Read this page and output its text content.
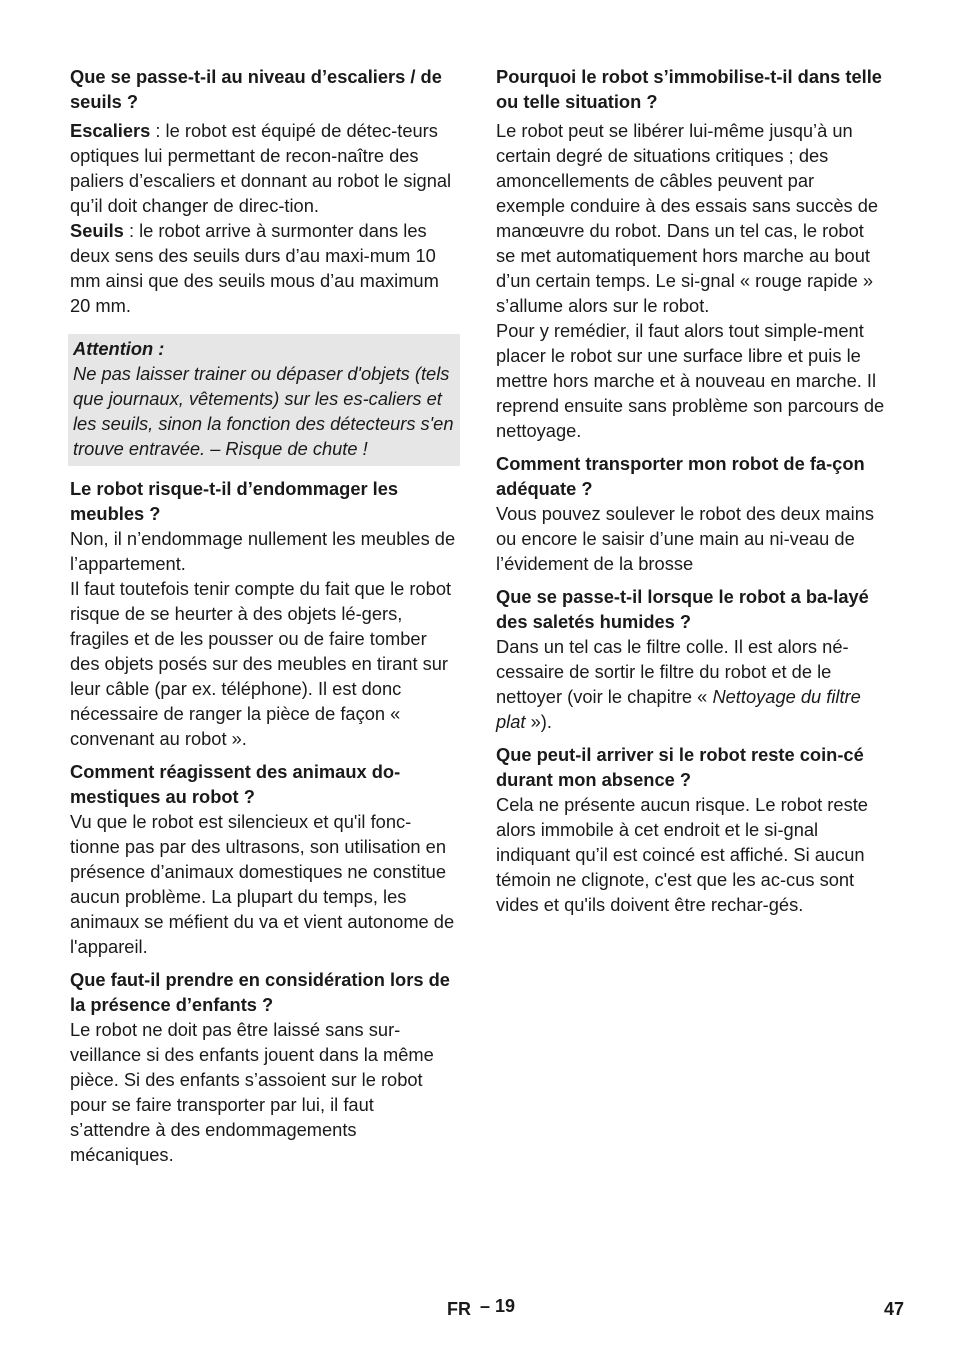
Que se passe-t-il au niveau d’escaliers / de seuils ?

Escaliers : le robot est équipé de détec-teurs optiques lui permettant de recon-naître des paliers d’escaliers et donnant au robot le signal qu’il doit changer de direc-tion.

Seuils : le robot arrive à surmonter dans les deux sens des seuils durs d’au maxi-mum 10 mm ainsi que des seuils mous d’au maximum 20 mm.

Attention :

Ne pas laisser trainer ou dépaser d'objets (tels que journaux, vêtements) sur les es-caliers et les seuils, sinon la fonction des détecteurs s'en trouve entravée. – Risque de chute !

Le robot risque-t-il d’endommager les meubles ?

Non, il n’endommage nullement les meubles de l’appartement.

Il faut toutefois tenir compte du fait que le robot risque de se heurter à des objets lé-gers, fragiles et de les pousser ou de faire tomber des objets posés sur des meubles en tirant sur leur câble (par ex. téléphone). Il est donc nécessaire de ranger la pièce de façon « convenant au robot ».

Comment réagissent des animaux do-mestiques au robot ?

Vu que le robot est silencieux et qu'il fonc-tionne pas par des ultrasons, son utilisation en présence d’animaux domestiques ne constitue aucun problème. La plupart du temps, les animaux se méfient du va et vient autonome de l'appareil.

Que faut-il prendre en considération lors de la présence d’enfants ?

Le robot ne doit pas être laissé sans sur-veillance si des enfants jouent dans la même pièce. Si des enfants s’assoient sur le robot pour se faire transporter par lui, il faut s’attendre à des endommagements mécaniques.

Pourquoi le robot s’immobilise-t-il dans telle ou telle situation ?

Le robot peut se libérer lui-même jusqu’à un certain degré de situations critiques ; des amoncellements de câbles peuvent par exemple conduire à des essais sans succès de manœuvre du robot. Dans un tel cas, le robot se met automatiquement hors marche au bout d’un certain temps. Le si-gnal « rouge rapide » s’allume alors sur le robot.

Pour y remédier, il faut alors tout simple-ment placer le robot sur une surface libre et puis le mettre hors marche et à nouveau en marche. Il reprend ensuite sans problème son parcours de nettoyage.

Comment transporter mon robot de fa-çon adéquate ?

Vous pouvez soulever le robot des deux mains ou encore le saisir d’une main au ni-veau de l’évidement de la brosse

Que se passe-t-il lorsque le robot a ba-layé des saletés humides ?

Dans un tel cas le filtre colle. Il est alors né-cessaire de sortir le filtre du robot et de le nettoyer (voir le chapitre « Nettoyage du filtre plat »).

Que peut-il arriver si le robot reste coin-cé durant mon absence ?

Cela ne présente aucun risque. Le robot reste alors immobile à cet endroit et le si-gnal indiquant qu’il est coincé est affiché. Si aucun témoin ne clignote, c'est que les ac-cus sont vides et qu'ils doivent être rechar-gés.

FR – 19	47
